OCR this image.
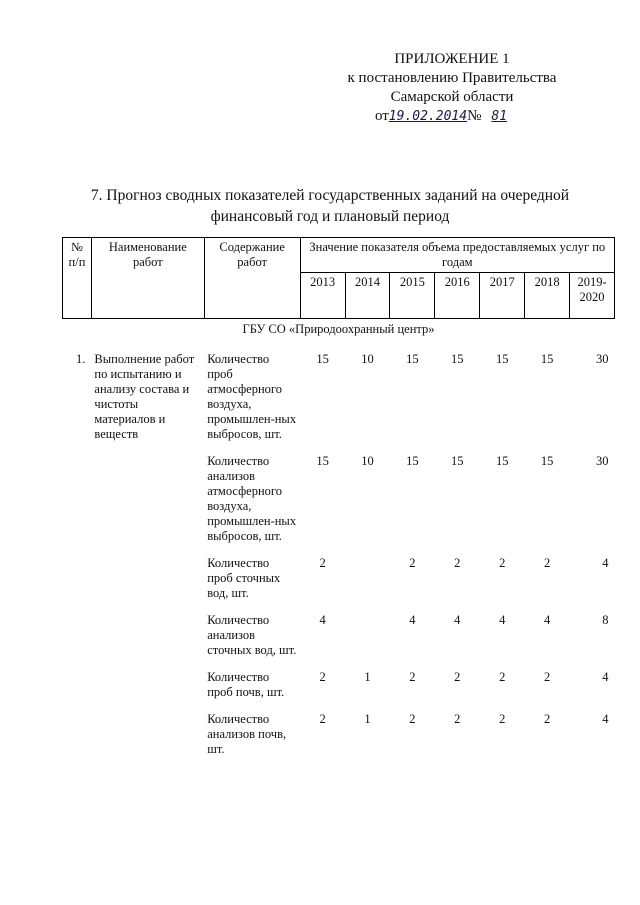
ПРИЛОЖЕНИЕ 1
к постановлению Правительства
Самарской области
от19.02.2014№ 81
7. Прогноз сводных показателей государственных заданий на очередной финансовый год и плановый период
№ п/п	Наименование работ	Содержание работ	Значение показателя объема предоставляемых услуг по годам						
			2013	2014	2015	2016	2017	2018	2019-2020
ГБУ СО «Природоохранный центр»									

1.	Выполнение работ по испытанию и анализу состава и чистоты материалов и веществ	Количество проб атмосферного воздуха, промышлен-ных выбросов, шт.	15	10	15	15	15	15	30

		Количество анализов атмосферного воздуха, промышлен-ных выбросов, шт.	15	10	15	15	15	15	30

		Количество проб сточных вод, шт.	2		2	2	2	2	4

		Количество анализов сточных вод, шт.	4		4	4	4	4	8

		Количество проб почв, шт.	2	1	2	2	2	2	4

		Количество анализов почв, шт.	2	1	2	2	2	2	4
